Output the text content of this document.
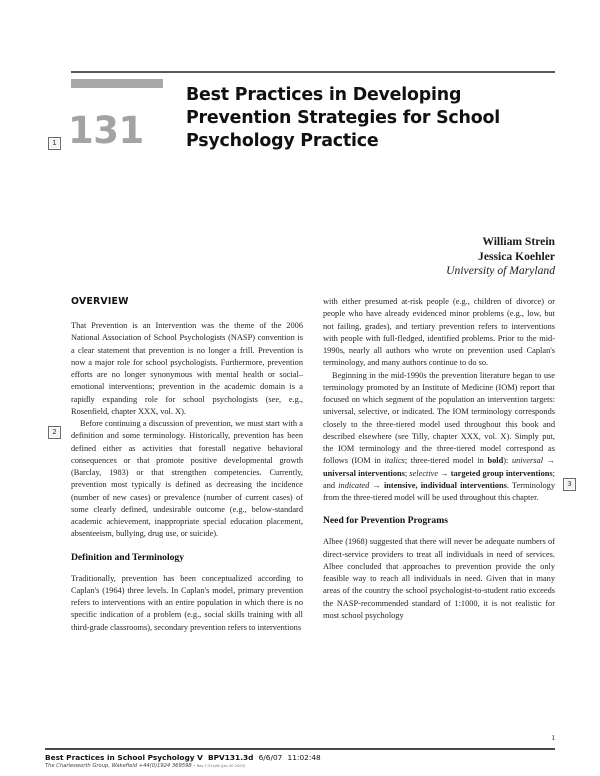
131
Best Practices in Developing Prevention Strategies for School Psychology Practice
1
2
3
William Strein
Jessica Koehler
University of Maryland
OVERVIEW

That Prevention is an Intervention was the theme of the 2006 National Association of School Psychologists (NASP) convention is a clear statement that prevention is no longer a frill. Prevention is now a major role for school psychologists. Furthermore, prevention efforts are no longer synonymous with mental health or social–emotional interventions; prevention in the academic domain is a rapidly expanding role for school psychologists (see, e.g., Rosenfield, chapter XXX, vol. X).

Before continuing a discussion of prevention, we must start with a definition and some terminology. Historically, prevention has been defined either as activities that forestall negative behavioral consequences or that promote positive developmental growth (Barclay, 1983) or that strengthen competencies. Currently, prevention most typically is defined as decreasing the incidence (number of new cases) or prevalence (number of current cases) of some clearly defined, undesirable outcome (e.g., below-standard academic achievement, inappropriate special education placement, absenteeism, bullying, drug use, or suicide).

Definition and Terminology

Traditionally, prevention has been conceptualized according to Caplan's (1964) three levels. In Caplan's model, primary prevention refers to interventions with an entire population in which there is no specific indication of a problem (e.g., social skills training with all third-grade classrooms), secondary prevention refers to interventions

with either presumed at-risk people (e.g., children of divorce) or people who have already evidenced minor problems (e.g., low, but not failing, grades), and tertiary prevention refers to interventions with people with full-fledged, identified problems. Prior to the mid-1990s, nearly all authors who wrote on prevention used Caplan's terminology, and many authors continue to do so.

Beginning in the mid-1990s the prevention literature began to use terminology promoted by an Institute of Medicine (IOM) report that focused on which segment of the population an intervention targets: universal, selective, or indicated. The IOM terminology corresponds closely to the three-tiered model used throughout this book and described elsewhere (see Tilly, chapter XXX, vol. X). Simply put, the IOM terminology and the three-tiered model correspond as follows (IOM in italics; three-tiered model in bold): universal → universal interventions; selective → targeted group interventions; and indicated → intensive, individual interventions. Terminology from the three-tiered model will be used throughout this chapter.

Need for Prevention Programs

Albee (1968) suggested that there will never be adequate numbers of direct-service providers to treat all individuals in need of services. Albee concluded that approaches to prevention provide the only feasible way to reach all individuals in need. Given that in many areas of the country the school psychologist-to-student ratio exceeds the NASP-recommended standard of 1:1000, it is not realistic for most school psychology

1
Best Practices in School Psychology V BPV131.3d 6/6/07 11:02:48
The Charlesworth Group, Wakefield +44(0)1924 369598 - Rev 7.51n/W (Jan 20 2003)
